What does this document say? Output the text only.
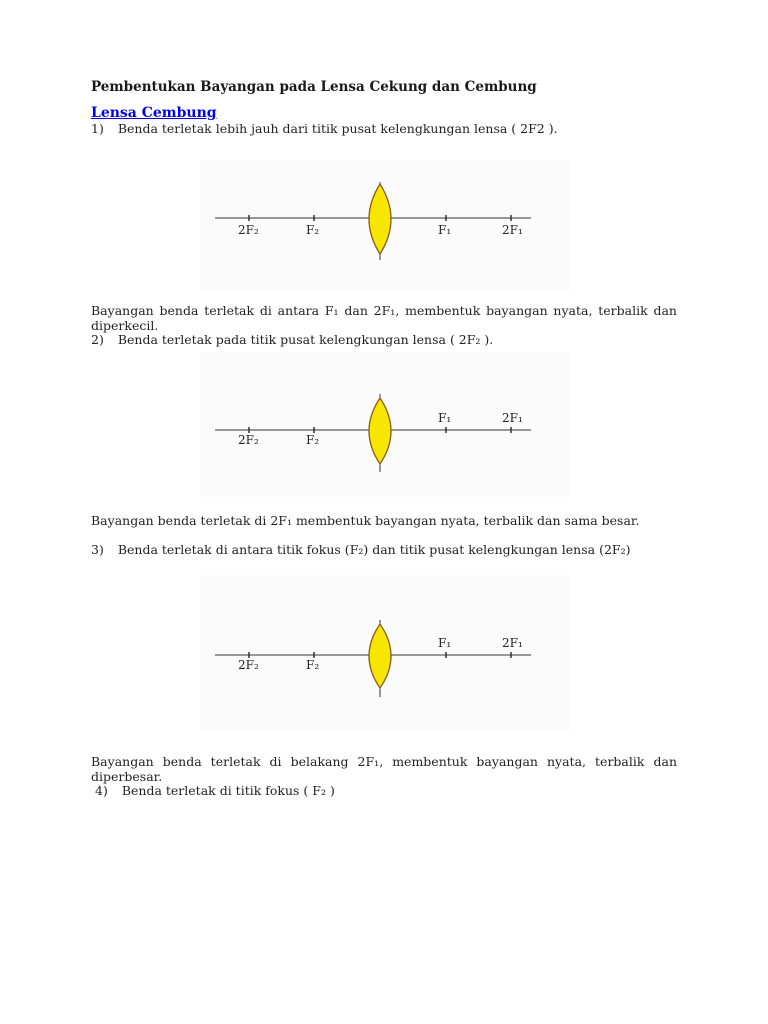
Pembentukan Bayangan pada Lensa Cekung dan Cembung
Lensa Cembung
1) Benda terletak lebih jauh dari titik pusat kelengkungan lensa ( 2F2 ).
2F₂	F₂	F₁	2F₁
Bayangan benda terletak di antara F₁ dan 2F₁, membentuk bayangan nyata, terbalik dan diperkecil.
2) Benda terletak pada titik pusat kelengkungan lensa ( 2F₂ ).
2F₂	F₂
F₁	2F₁
Bayangan benda terletak di 2F₁ membentuk bayangan nyata, terbalik dan sama besar.
3) Benda terletak di antara titik fokus (F₂) dan titik pusat kelengkungan lensa (2F₂)
2F₂	F₂
F₁	2F₁
Bayangan benda terletak di belakang 2F₁, membentuk bayangan nyata, terbalik dan diperbesar.
4) Benda terletak di titik fokus ( F₂ )
